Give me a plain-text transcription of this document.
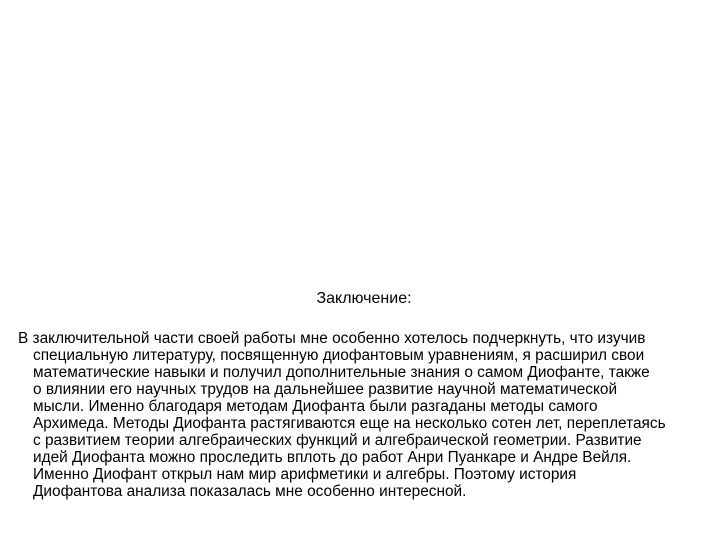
Заключение:
В заключительной части своей работы мне особенно хотелось подчеркнуть, что изучив
специальную литературу, посвященную диофантовым уравнениям, я расширил свои
математические навыки и получил дополнительные знания о самом Диофанте, также
о влиянии его научных трудов на дальнейшее развитие научной математической
мысли. Именно благодаря методам Диофанта были разгаданы методы самого
Архимеда. Методы Диофанта растягиваются еще на несколько сотен лет, переплетаясь
с развитием теории алгебраических функций и алгебраической геометрии. Развитие
идей Диофанта можно проследить вплоть до работ Анри Пуанкаре и Андре Вейля.
Именно Диофант открыл нам мир арифметики и алгебры. Поэтому история
Диофантова анализа показалась мне особенно интересной.
